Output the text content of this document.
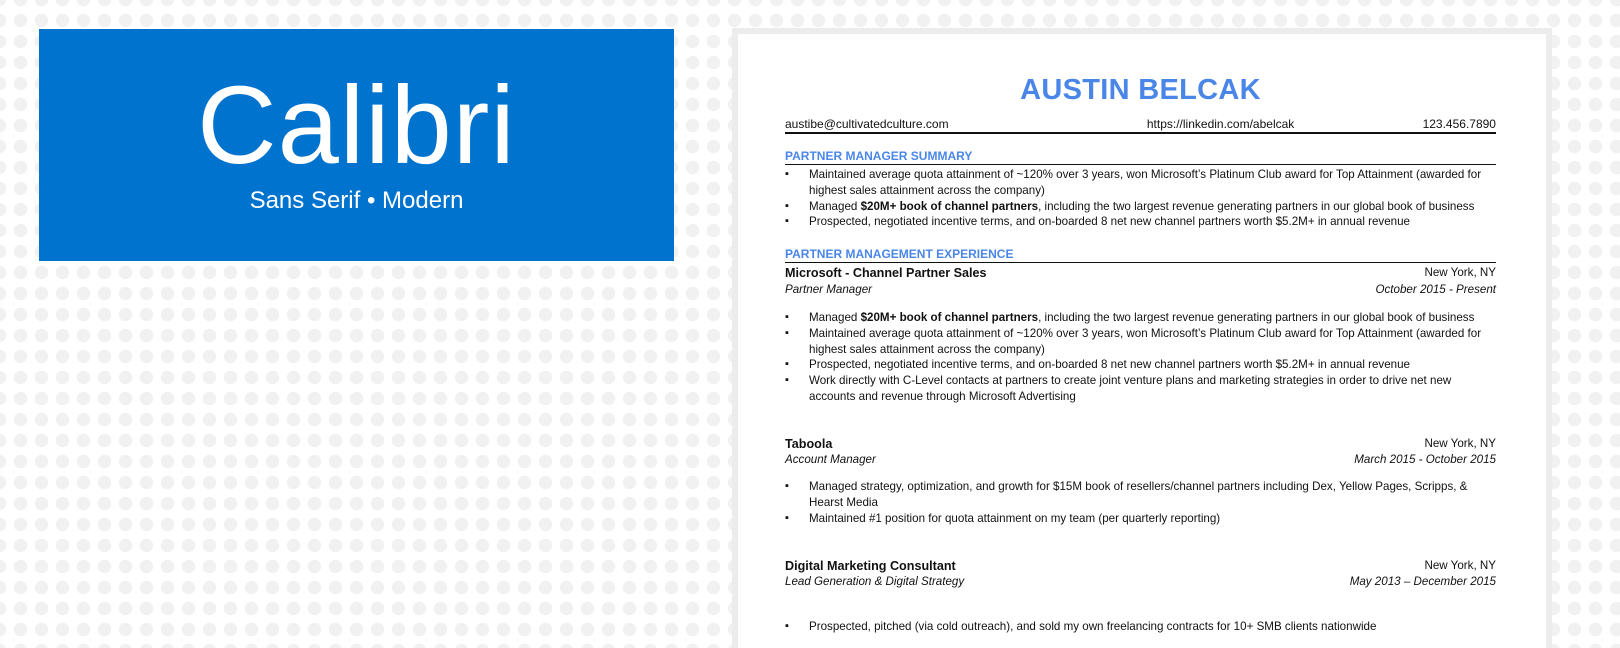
Calibri
Sans Serif • Modern
AUSTIN BELCAK
austibe@cultivatedculture.com	https://linkedin.com/abelcak	123.456.7890
PARTNER MANAGER SUMMARY
▪ Maintained average quota attainment of ~120% over 3 years, won Microsoft’s Platinum Club award for Top Attainment (awarded for highest sales attainment across the company)
▪ Managed $20M+ book of channel partners, including the two largest revenue generating partners in our global book of business
▪ Prospected, negotiated incentive terms, and on-boarded 8 net new channel partners worth $5.2M+ in annual revenue
PARTNER MANAGEMENT EXPERIENCE
Microsoft - Channel Partner Sales	New York, NY
Partner Manager	October 2015 - Present
▪ Managed $20M+ book of channel partners, including the two largest revenue generating partners in our global book of business
▪ Maintained average quota attainment of ~120% over 3 years, won Microsoft’s Platinum Club award for Top Attainment (awarded for highest sales attainment across the company)
▪ Prospected, negotiated incentive terms, and on-boarded 8 net new channel partners worth $5.2M+ in annual revenue
▪ Work directly with C-Level contacts at partners to create joint venture plans and marketing strategies in order to drive net new accounts and revenue through Microsoft Advertising
Taboola	New York, NY
Account Manager	March 2015 - October 2015
▪ Managed strategy, optimization, and growth for $15M book of resellers/channel partners including Dex, Yellow Pages, Scripps, & Hearst Media
▪ Maintained #1 position for quota attainment on my team (per quarterly reporting)
Digital Marketing Consultant	New York, NY
Lead Generation & Digital Strategy	May 2013 – December 2015
▪ Prospected, pitched (via cold outreach), and sold my own freelancing contracts for 10+ SMB clients nationwide
